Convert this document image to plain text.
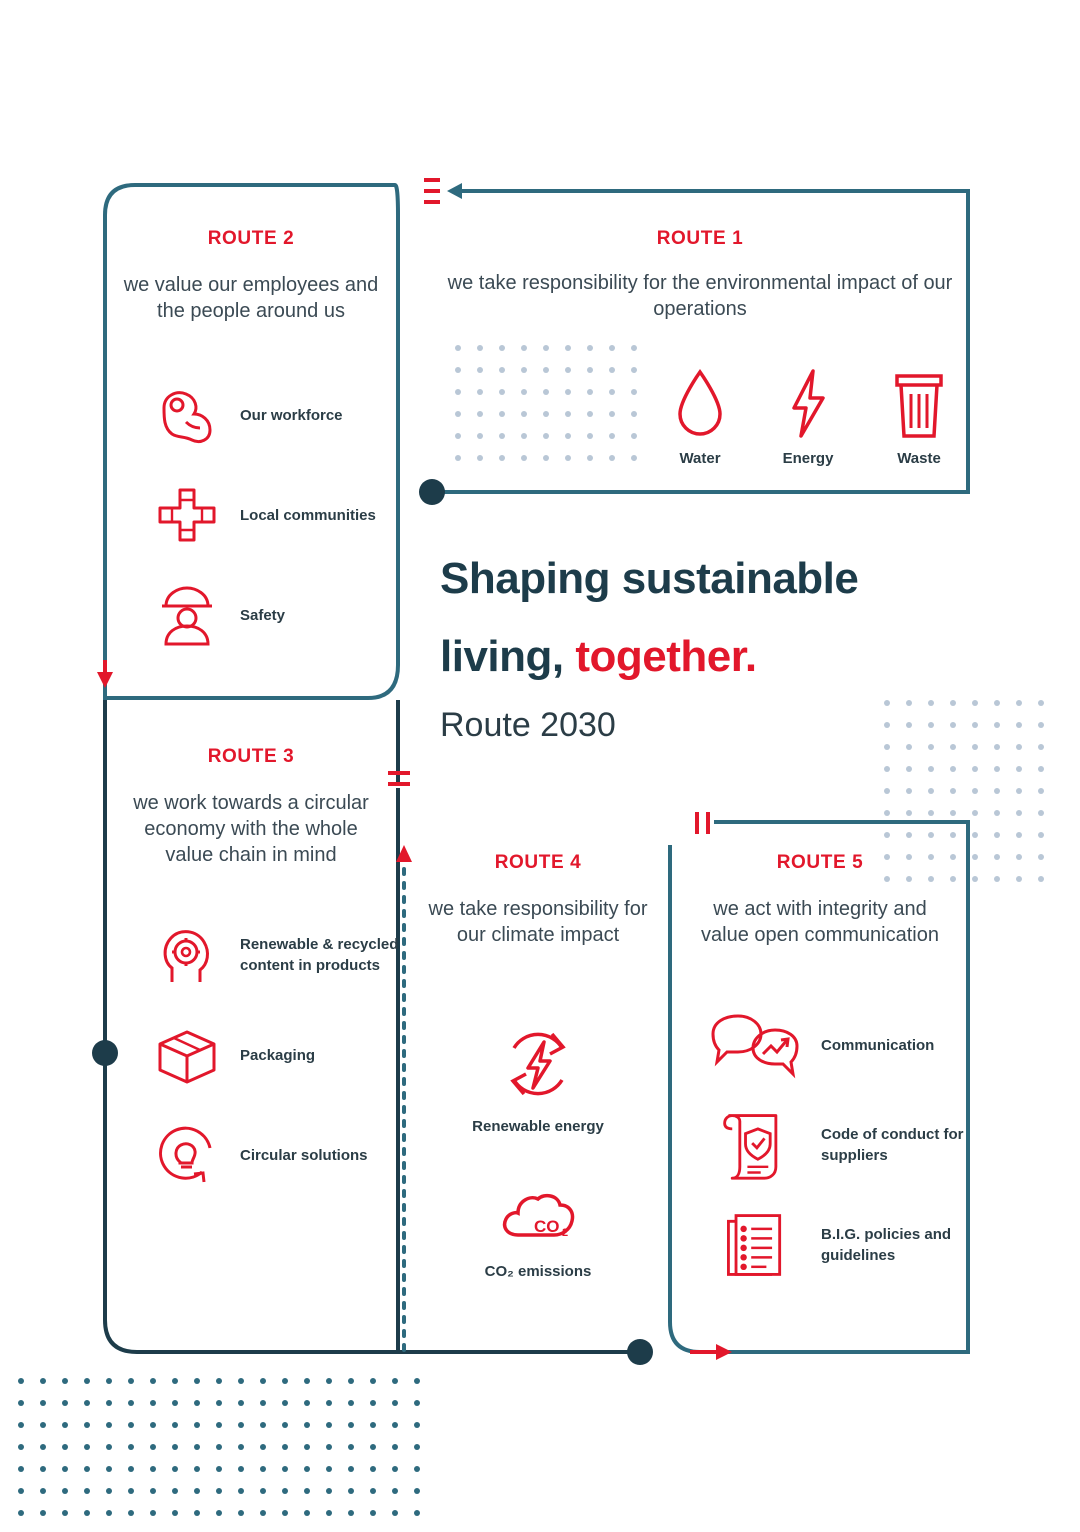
Shaping sustainable
living, together.
Route 2030
ROUTE 1
we take responsibility for the environmental impact of our operations
Water	Energy	Waste
ROUTE 2
we value our employees and the people around us
Our workforce
Local communities
Safety
ROUTE 3
we work towards a circular economy with the whole value chain in mind
Renewable & recycled content in products
Packaging
Circular solutions
ROUTE 4
we take responsibility for our climate impact
Renewable energy
CO 2
CO₂ emissions
ROUTE 5
we act with integrity and value open communication
Communication
Code of conduct for suppliers
B.I.G. policies and guidelines
